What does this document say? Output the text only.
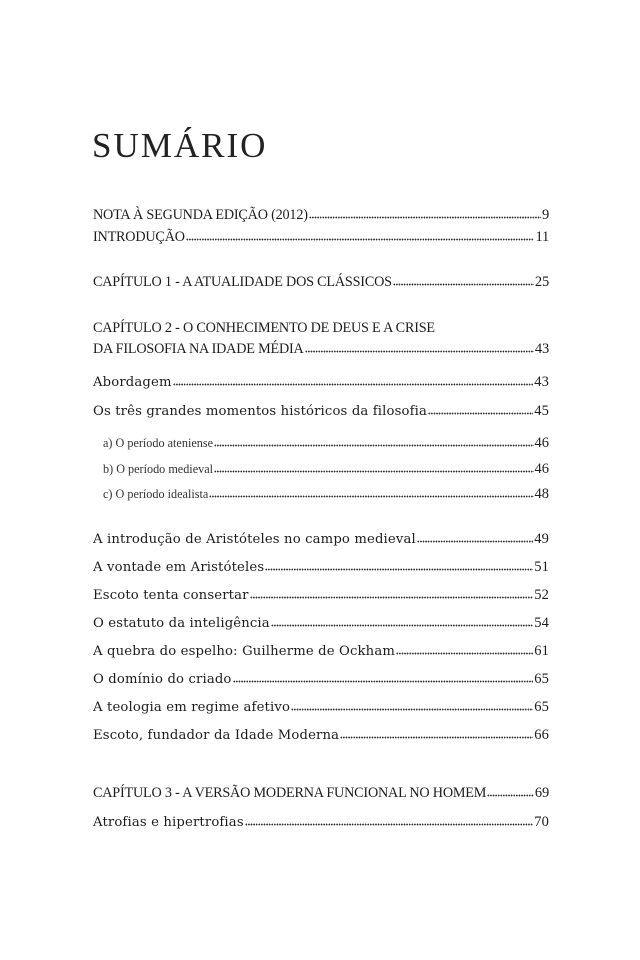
SUMÁRIO
NOTA À SEGUNDA EDIÇÃO (2012)	9
INTRODUÇÃO	11
CAPÍTULO 1 - A ATUALIDADE DOS CLÁSSICOS	25
CAPÍTULO 2 - O CONHECIMENTO DE DEUS E A CRISE
DA FILOSOFIA NA IDADE MÉDIA	43
Abordagem	43
Os três grandes momentos históricos da filosofia	45
a) O período ateniense	46
b) O período medieval	46
c) O período idealista	48
A introdução de Aristóteles no campo medieval	49
A vontade em Aristóteles	51
Escoto tenta consertar	52
O estatuto da inteligência	54
A quebra do espelho: Guilherme de Ockham	61
O domínio do criado	65
A teologia em regime afetivo	65
Escoto, fundador da Idade Moderna	66
CAPÍTULO 3 - A VERSÃO MODERNA FUNCIONAL NO HOMEM	69
Atrofias e hipertrofias	70
